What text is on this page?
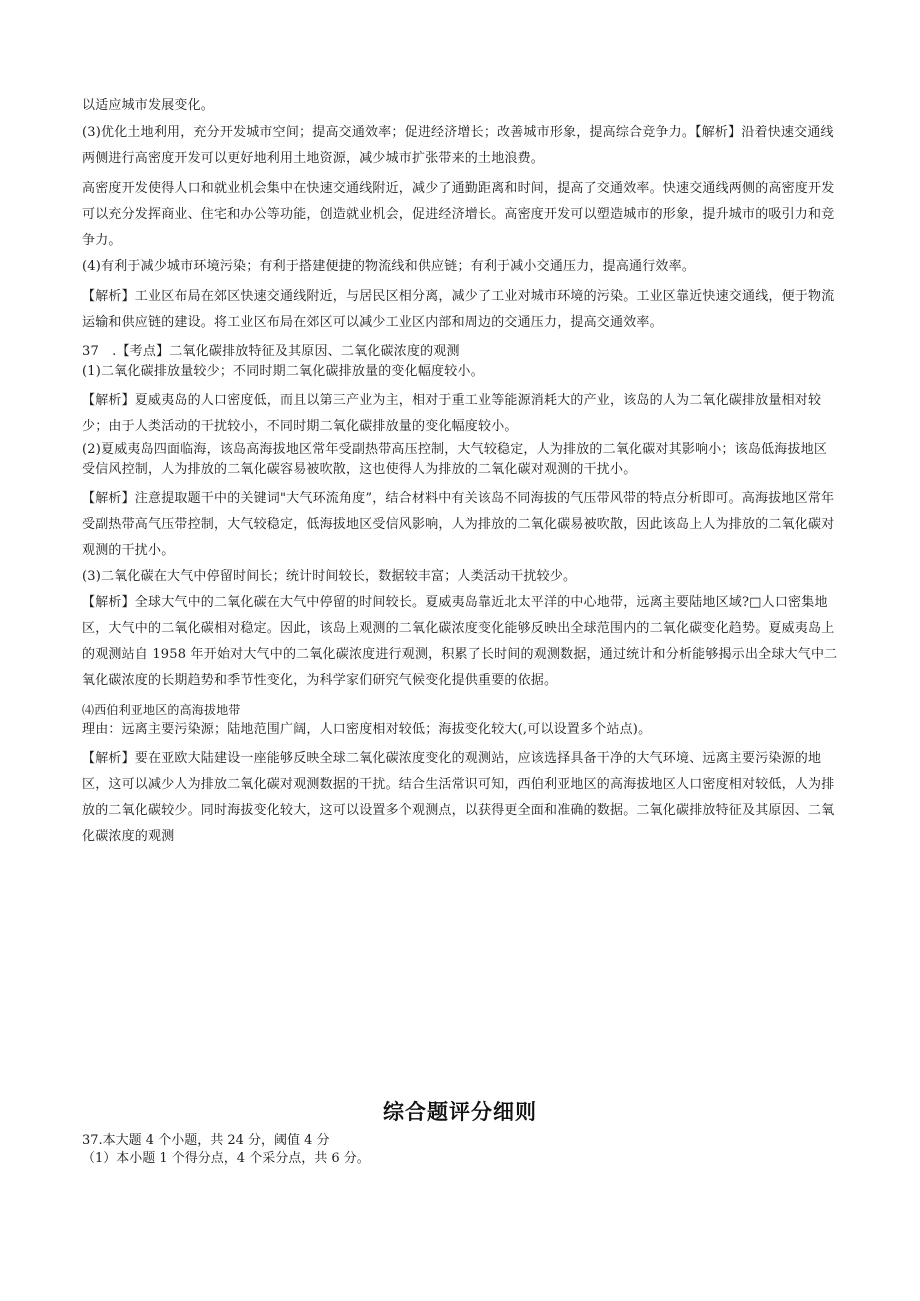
以适应城市发展变化。

(3)优化土地利用，充分开发城市空间；提高交通效率；促进经济增长；改善城市形象，提高综合竞争力。【解析】沿着快速交通线两侧进行高密度开发可以更好地利用土地资源，减少城市扩张带来的土地浪费。

高密度开发使得人口和就业机会集中在快速交通线附近，减少了通勤距离和时间，提高了交通效率。快速交通线两侧的高密度开发可以充分发挥商业、住宅和办公等功能，创造就业机会，促进经济增长。高密度开发可以塑造城市的形象，提升城市的吸引力和竞争力。

(4)有利于减少城市环境污染；有利于搭建便捷的物流线和供应链；有利于减小交通压力，提高通行效率。

【解析】工业区布局在郊区快速交通线附近，与居民区相分离，减少了工业对城市环境的污染。工业区靠近快速交通线，便于物流运输和供应链的建设。将工业区布局在郊区可以减少工业区内部和周边的交通压力，提高交通效率。

37　.【考点】二氧化碳排放特征及其原因、二氧化碳浓度的观测

(1)二氧化碳排放量较少；不同时期二氧化碳排放量的变化幅度较小。

【解析】夏威夷岛的人口密度低，而且以第三产业为主，相对于重工业等能源消耗大的产业，该岛的人为二氧化碳排放量相对较少；由于人类活动的干扰较小，不同时期二氧化碳排放量的变化幅度较小。

(2)夏威夷岛四面临海，该岛高海拔地区常年受副热带高压控制，大气较稳定，人为排放的二氧化碳对其影响小；该岛低海拔地区受信风控制，人为排放的二氧化碳容易被吹散，这也使得人为排放的二氧化碳对观测的干扰小。

【解析】注意提取题干中的关键词"大气环流角度”，结合材料中有关该岛不同海拔的气压带风带的特点分析即可。高海拔地区常年受副热带高气压带控制，大气较稳定，低海拔地区受信风影响，人为排放的二氧化碳易被吹散，因此该岛上人为排放的二氧化碳对观测的干扰小。

(3)二氧化碳在大气中停留时间长；统计时间较长，数据较丰富；人类活动干扰较少。

【解析】全球大气中的二氧化碳在大气中停留的时间较长。夏威夷岛靠近北太平洋的中心地带，远离主要陆地区域?□人口密集地区，大气中的二氧化碳相对稳定。因此，该岛上观测的二氧化碳浓度变化能够反映出全球范围内的二氧化碳变化趋势。夏威夷岛上的观测站自 1958 年开始对大气中的二氧化碳浓度进行观测，积累了长时间的观测数据，通过统计和分析能够揭示出全球大气中二氧化碳浓度的长期趋势和季节性变化，为科学家们研究气候变化提供重要的依据。

⑷西伯利亚地区的高海拔地带

理由：远离主要污染源；陆地范围广阔，人口密度相对较低；海拔变化较大(,可以设置多个站点)。

【解析】要在亚欧大陆建设一座能够反映全球二氧化碳浓度变化的观测站，应该选择具备干净的大气环境、远离主要污染源的地区，这可以减少人为排放二氧化碳对观测数据的干扰。结合生活常识可知，西伯利亚地区的高海拔地区人口密度相对较低，人为排放的二氧化碳较少。同时海拔变化较大，这可以设置多个观测点，以获得更全面和准确的数据。二氧化碳排放特征及其原因、二氧化碳浓度的观测

综合题评分细则
37.本大题 4 个小题，共 24 分，阈值 4 分
（1）本小题 1 个得分点，4 个采分点，共 6 分。
